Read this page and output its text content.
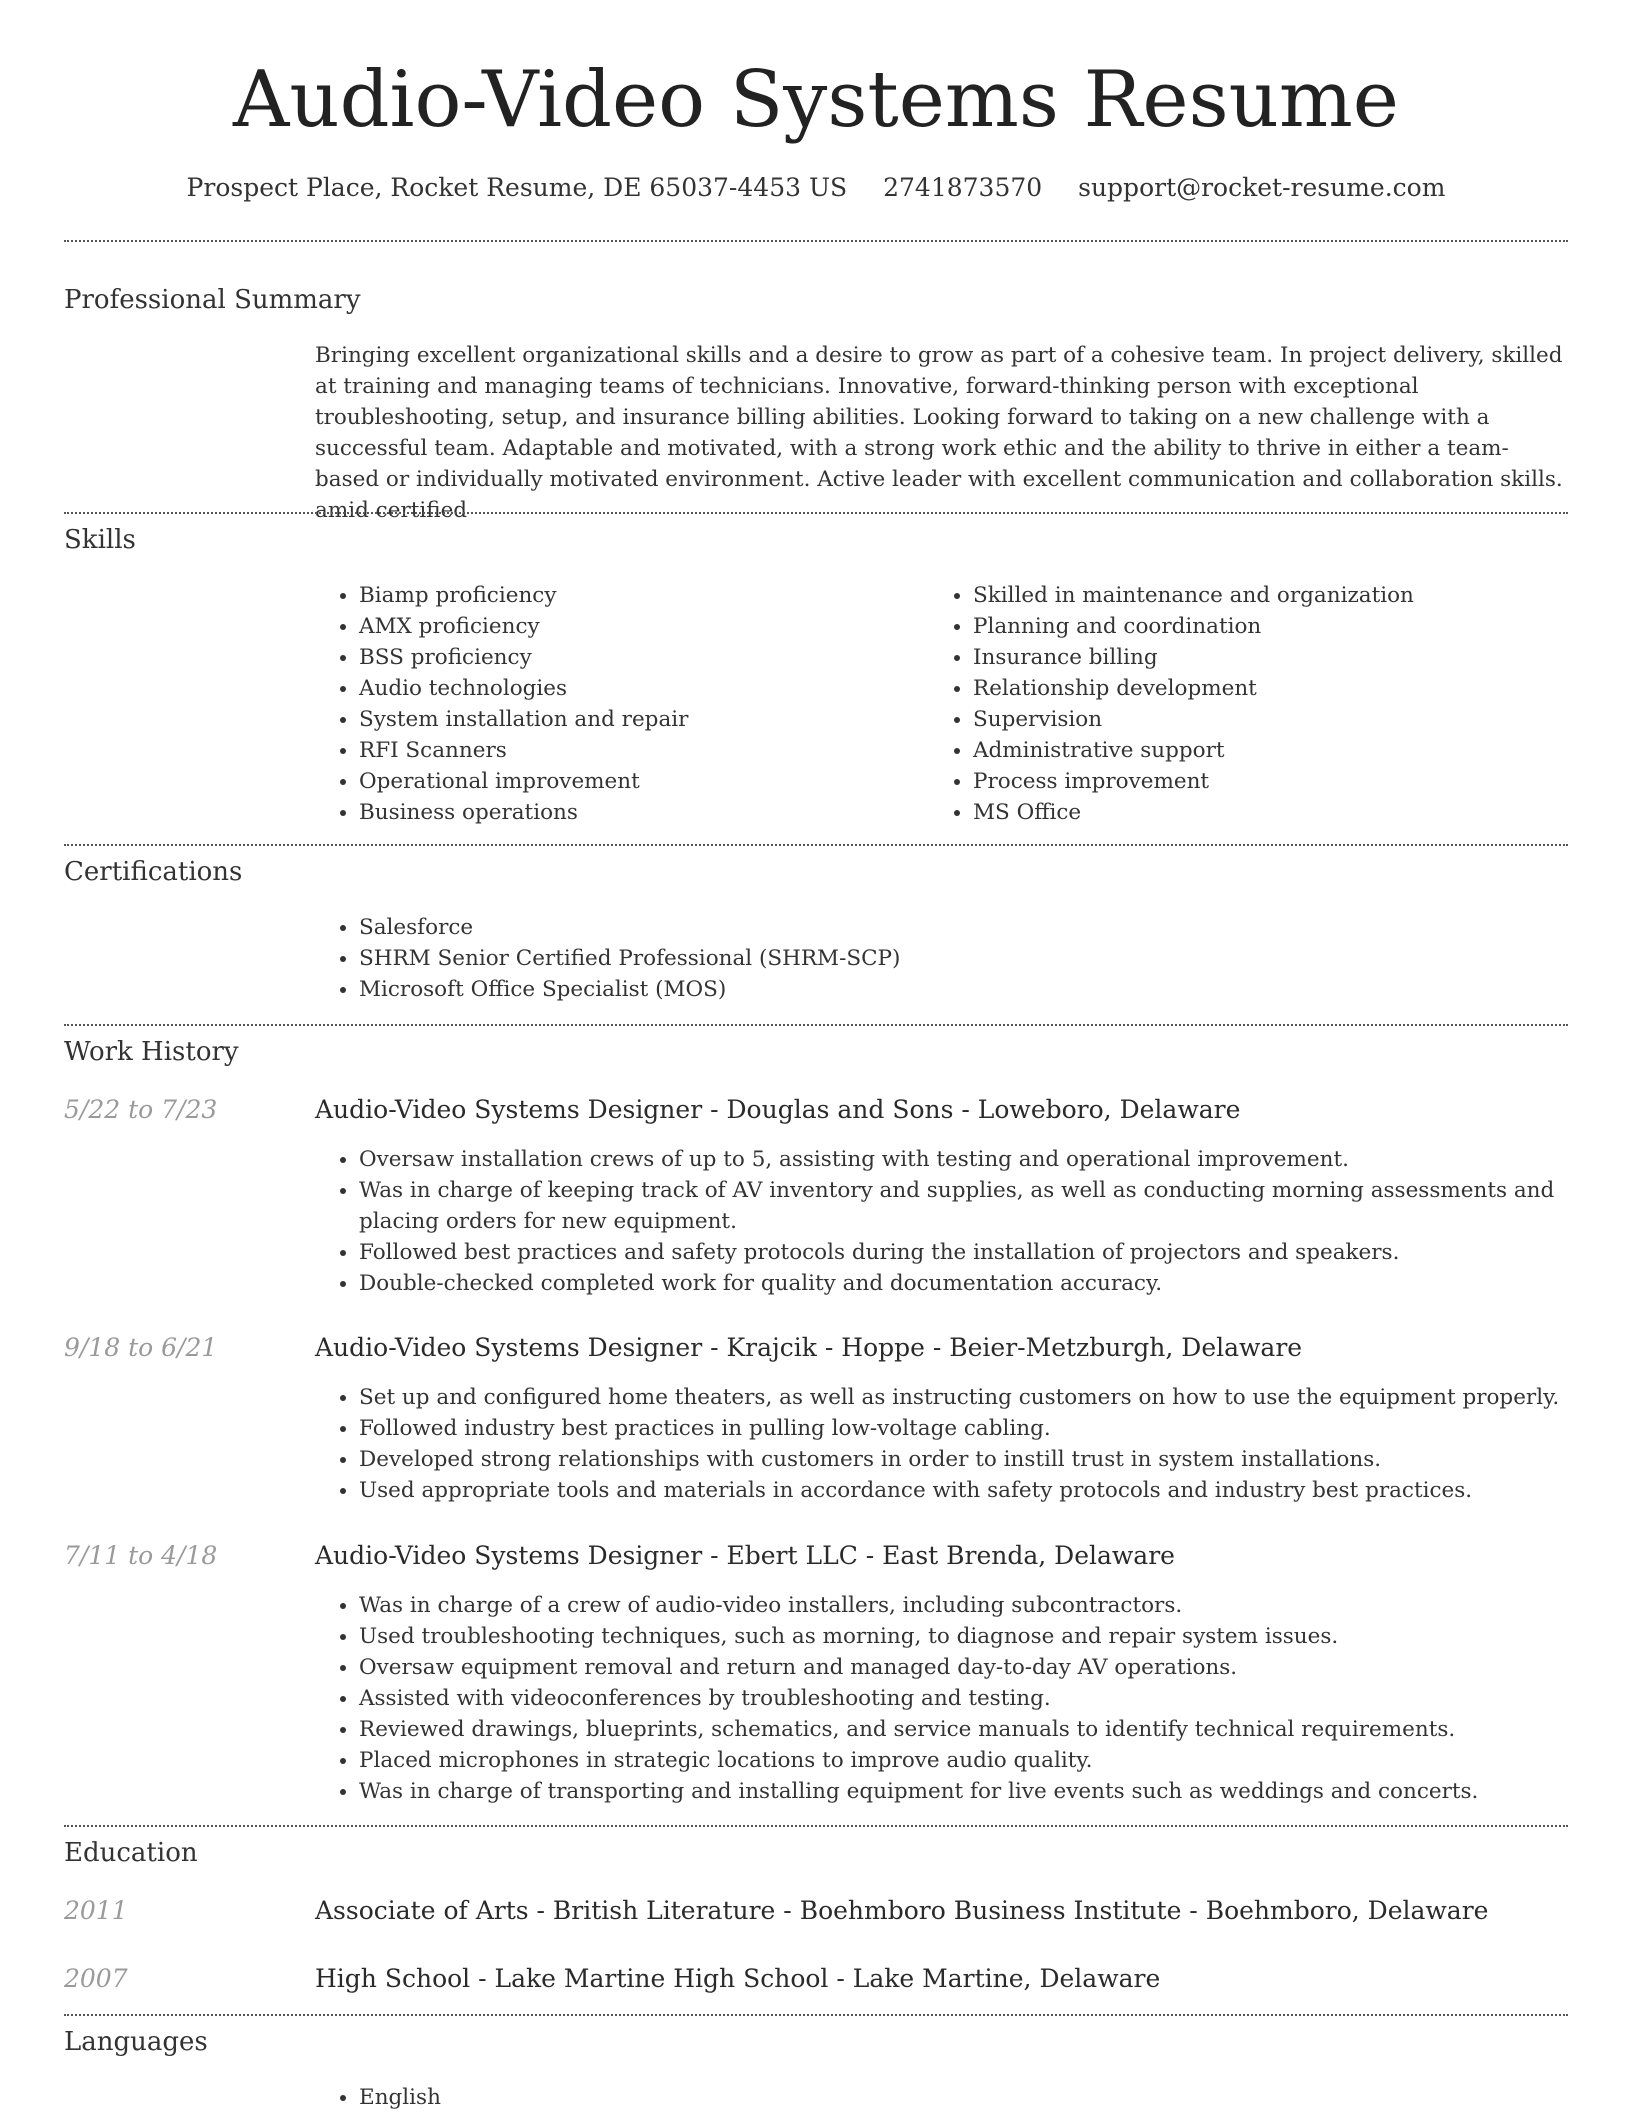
Audio-Video Systems Resume
Prospect Place, Rocket Resume, DE 65037-4453 US 2741873570 support@rocket-resume.com
Professional Summary
Bringing excellent organizational skills and a desire to grow as part of a cohesive team. In project delivery, skilled at training and managing teams of technicians. Innovative, forward-thinking person with exceptional troubleshooting, setup, and insurance billing abilities. Looking forward to taking on a new challenge with a successful team. Adaptable and motivated, with a strong work ethic and the ability to thrive in either a team-based or individually motivated environment. Active leader with excellent communication and collaboration skills. amid certified
Skills
• Biamp proficiency
• AMX proficiency
• BSS proficiency
• Audio technologies
• System installation and repair
• RFI Scanners
• Operational improvement
• Business operations
• Skilled in maintenance and organization
• Planning and coordination
• Insurance billing
• Relationship development
• Supervision
• Administrative support
• Process improvement
• MS Office
Certifications
• Salesforce
• SHRM Senior Certified Professional (SHRM-SCP)
• Microsoft Office Specialist (MOS)
Work History
5/22 to 7/23	Audio-Video Systems Designer - Douglas and Sons - Loweboro, Delaware
• Oversaw installation crews of up to 5, assisting with testing and operational improvement.
• Was in charge of keeping track of AV inventory and supplies, as well as conducting morning assessments and placing orders for new equipment.
• Followed best practices and safety protocols during the installation of projectors and speakers.
• Double-checked completed work for quality and documentation accuracy.
9/18 to 6/21	Audio-Video Systems Designer - Krajcik - Hoppe - Beier-Metzburgh, Delaware
• Set up and configured home theaters, as well as instructing customers on how to use the equipment properly.
• Followed industry best practices in pulling low-voltage cabling.
• Developed strong relationships with customers in order to instill trust in system installations.
• Used appropriate tools and materials in accordance with safety protocols and industry best practices.
7/11 to 4/18	Audio-Video Systems Designer - Ebert LLC - East Brenda, Delaware
• Was in charge of a crew of audio-video installers, including subcontractors.
• Used troubleshooting techniques, such as morning, to diagnose and repair system issues.
• Oversaw equipment removal and return and managed day-to-day AV operations.
• Assisted with videoconferences by troubleshooting and testing.
• Reviewed drawings, blueprints, schematics, and service manuals to identify technical requirements.
• Placed microphones in strategic locations to improve audio quality.
• Was in charge of transporting and installing equipment for live events such as weddings and concerts.
Education
2011	Associate of Arts - British Literature - Boehmboro Business Institute - Boehmboro, Delaware
2007	High School - Lake Martine High School - Lake Martine, Delaware
Languages
• English
